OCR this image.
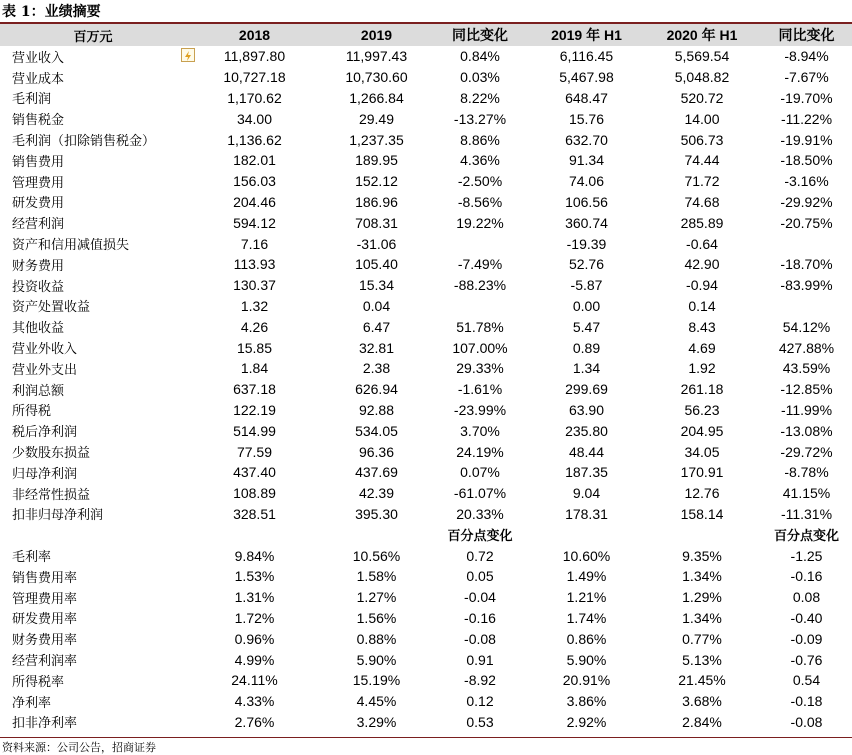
表 1：业绩摘要
百万元	2018	2019	同比变化	2019 年 H1	2020 年 H1	同比变化
营业收入	11,897.80	11,997.43	0.84%	6,116.45	5,569.54	-8.94%
营业成本	10,727.18	10,730.60	0.03%	5,467.98	5,048.82	-7.67%
毛利润	1,170.62	1,266.84	8.22%	648.47	520.72	-19.70%
销售税金	34.00	29.49	-13.27%	15.76	14.00	-11.22%
毛利润（扣除销售税金）	1,136.62	1,237.35	8.86%	632.70	506.73	-19.91%
销售费用	182.01	189.95	4.36%	91.34	74.44	-18.50%
管理费用	156.03	152.12	-2.50%	74.06	71.72	-3.16%
研发费用	204.46	186.96	-8.56%	106.56	74.68	-29.92%
经营利润	594.12	708.31	19.22%	360.74	285.89	-20.75%
资产和信用减值损失	7.16	-31.06		-19.39	-0.64	
财务费用	113.93	105.40	-7.49%	52.76	42.90	-18.70%
投资收益	130.37	15.34	-88.23%	-5.87	-0.94	-83.99%
资产处置收益	1.32	0.04		0.00	0.14	
其他收益	4.26	6.47	51.78%	5.47	8.43	54.12%
营业外收入	15.85	32.81	107.00%	0.89	4.69	427.88%
营业外支出	1.84	2.38	29.33%	1.34	1.92	43.59%
利润总额	637.18	626.94	-1.61%	299.69	261.18	-12.85%
所得税	122.19	92.88	-23.99%	63.90	56.23	-11.99%
税后净利润	514.99	534.05	3.70%	235.80	204.95	-13.08%
少数股东损益	77.59	96.36	24.19%	48.44	34.05	-29.72%
归母净利润	437.40	437.69	0.07%	187.35	170.91	-8.78%
非经常性损益	108.89	42.39	-61.07%	9.04	12.76	41.15%
扣非归母净利润	328.51	395.30	20.33%	178.31	158.14	-11.31%
			百分点变化			百分点变化
毛利率	9.84%	10.56%	0.72	10.60%	9.35%	-1.25
销售费用率	1.53%	1.58%	0.05	1.49%	1.34%	-0.16
管理费用率	1.31%	1.27%	-0.04	1.21%	1.29%	0.08
研发费用率	1.72%	1.56%	-0.16	1.74%	1.34%	-0.40
财务费用率	0.96%	0.88%	-0.08	0.86%	0.77%	-0.09
经营利润率	4.99%	5.90%	0.91	5.90%	5.13%	-0.76
所得税率	24.11%	15.19%	-8.92	20.91%	21.45%	0.54
净利率	4.33%	4.45%	0.12	3.86%	3.68%	-0.18
扣非净利率	2.76%	3.29%	0.53	2.92%	2.84%	-0.08
资料来源：公司公告，招商证券
